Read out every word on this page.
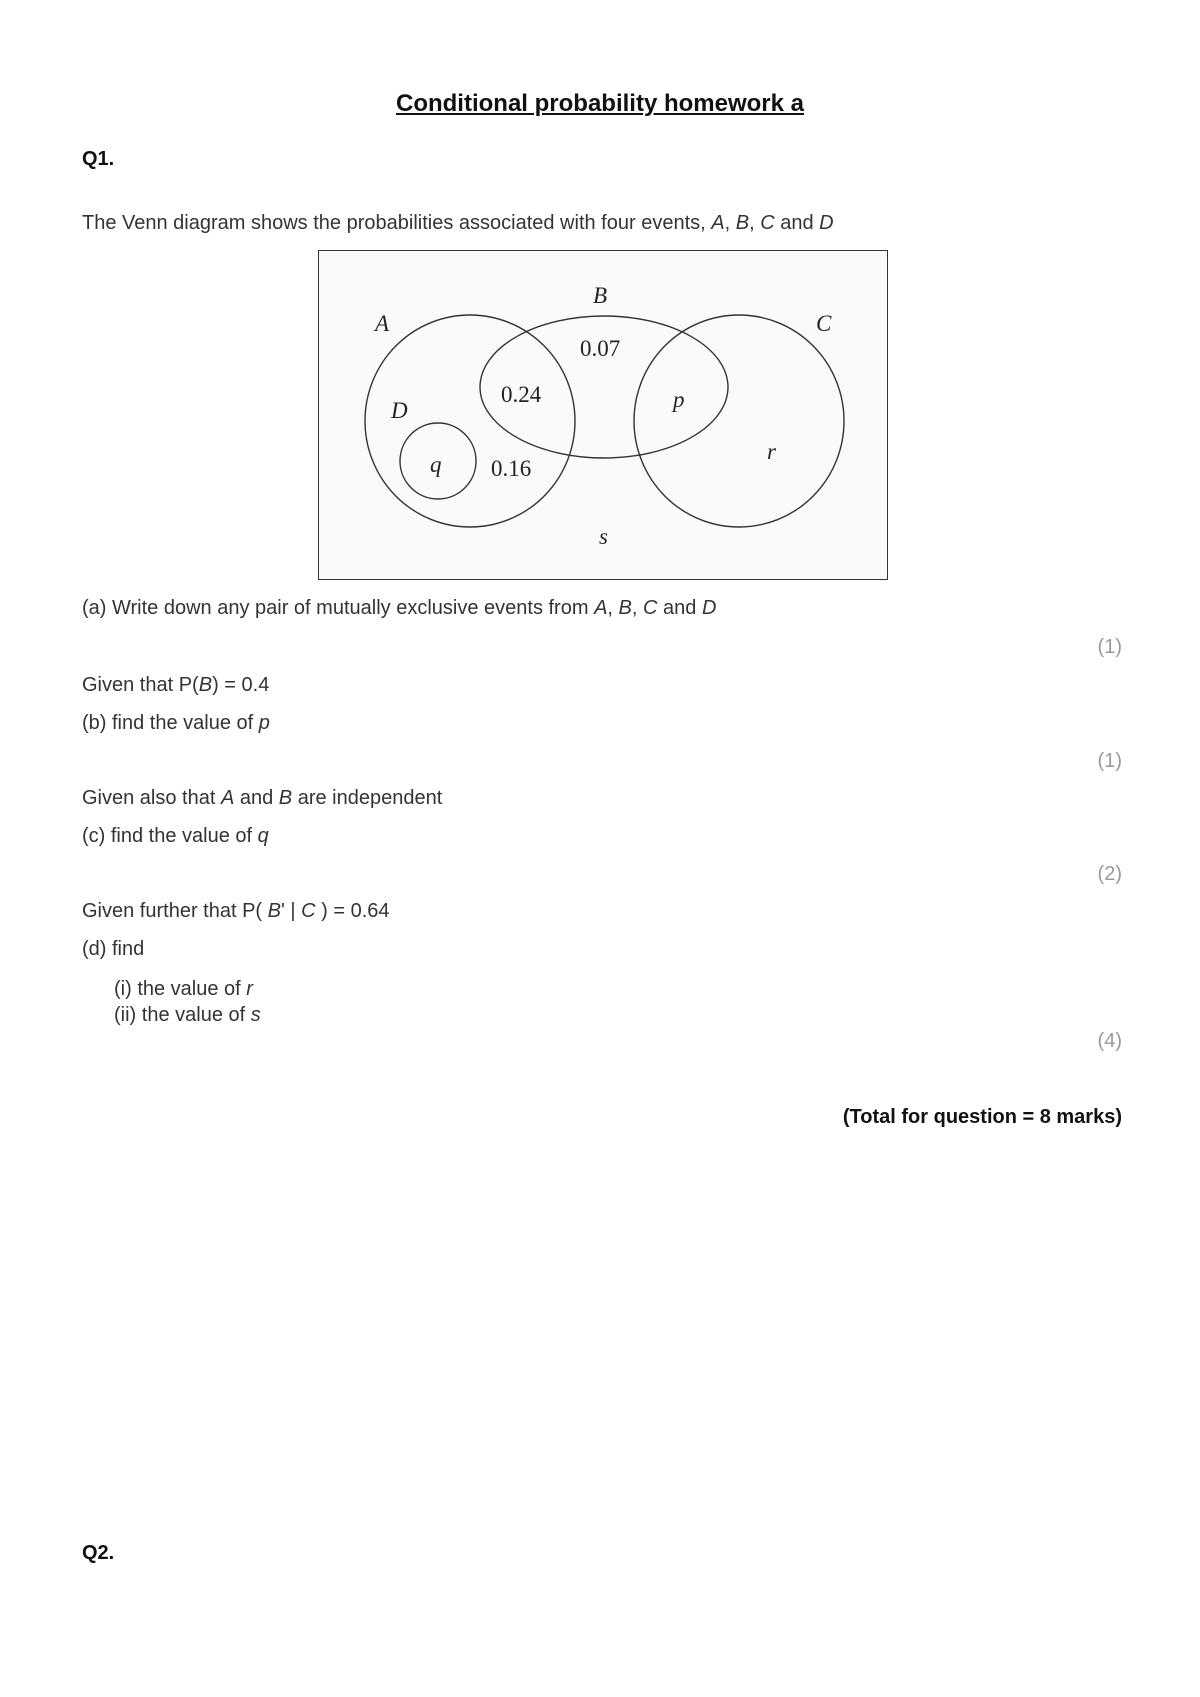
Conditional probability homework a
Q1.
The Venn diagram shows the probabilities associated with four events, A, B, C and D
A
B
C
D
0.07
0.24
0.16
q
p
r
s
(a) Write down any pair of mutually exclusive events from A, B, C and D
(1)
Given that P(B) = 0.4
(b) find the value of p
(1)
Given also that A and B are independent
(c) find the value of q
(2)
Given further that P( B' | C ) = 0.64
(d) find
(i) the value of r
(ii) the value of s
(4)
(Total for question = 8 marks)
Q2.
